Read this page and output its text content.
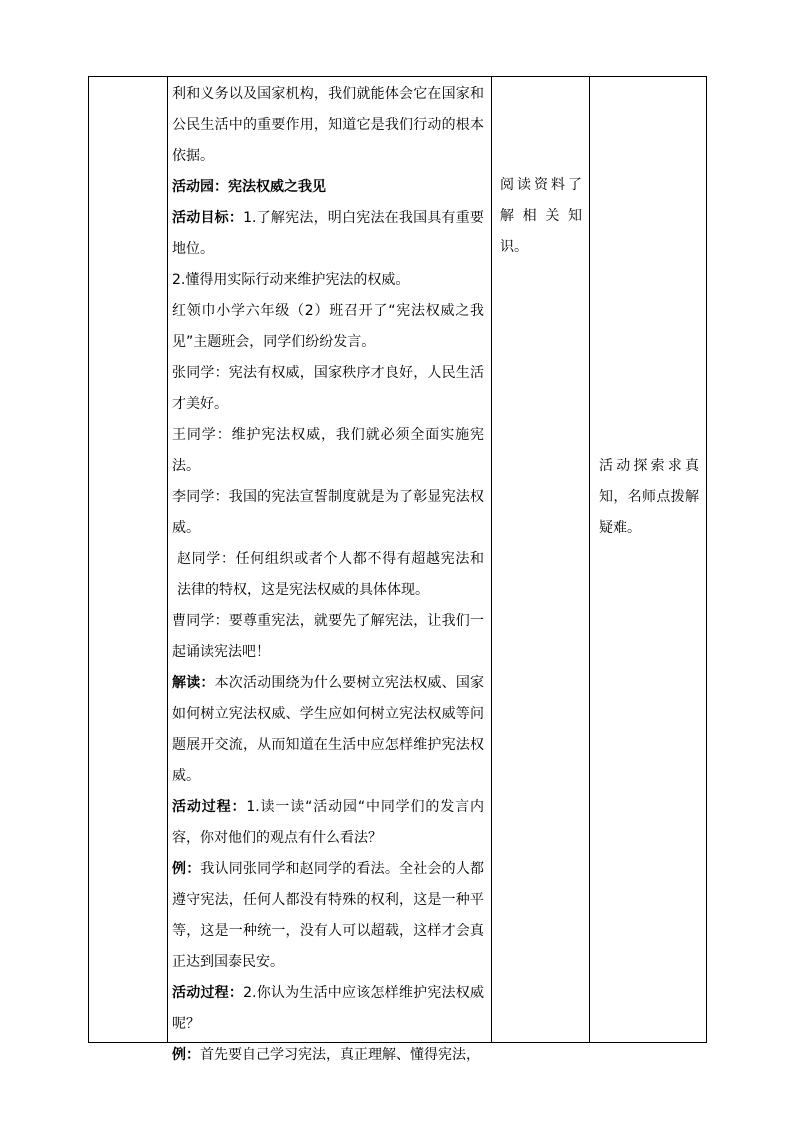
利和义务以及国家机构，我们就能体会它在国家和公民生活中的重要作用，知道它是我们行动的根本依据。

活动园：宪法权威之我见

活动目标：1.了解宪法，明白宪法在我国具有重要地位。

2.懂得用实际行动来维护宪法的权威。

红领巾小学六年级（2）班召开了“宪法权威之我见”主题班会，同学们纷纷发言。

张同学：宪法有权威，国家秩序才良好，人民生活才美好。

王同学：维护宪法权威，我们就必须全面实施宪法。

李同学：我国的宪法宣誓制度就是为了彰显宪法权威。

赵同学：任何组织或者个人都不得有超越宪法和法律的特权，这是宪法权威的具体体现。

曹同学：要尊重宪法，就要先了解宪法，让我们一起诵读宪法吧！

解读：本次活动围绕为什么要树立宪法权威、国家如何树立宪法权威、学生应如何树立宪法权威等问题展开交流，从而知道在生活中应怎样维护宪法权威。

活动过程：1.读一读“活动园“中同学们的发言内容，你对他们的观点有什么看法？

例：我认同张同学和赵同学的看法。全社会的人都遵守宪法，任何人都没有特殊的权利，这是一种平等，这是一种统一，没有人可以超载，这样才会真正达到国泰民安。

活动过程：2.你认为生活中应该怎样维护宪法权威呢？

例：首先要自己学习宪法，真正理解、懂得宪法，

阅读资料了

解相关知

识。

活动探索求真

知，名师点拨解

疑难。
